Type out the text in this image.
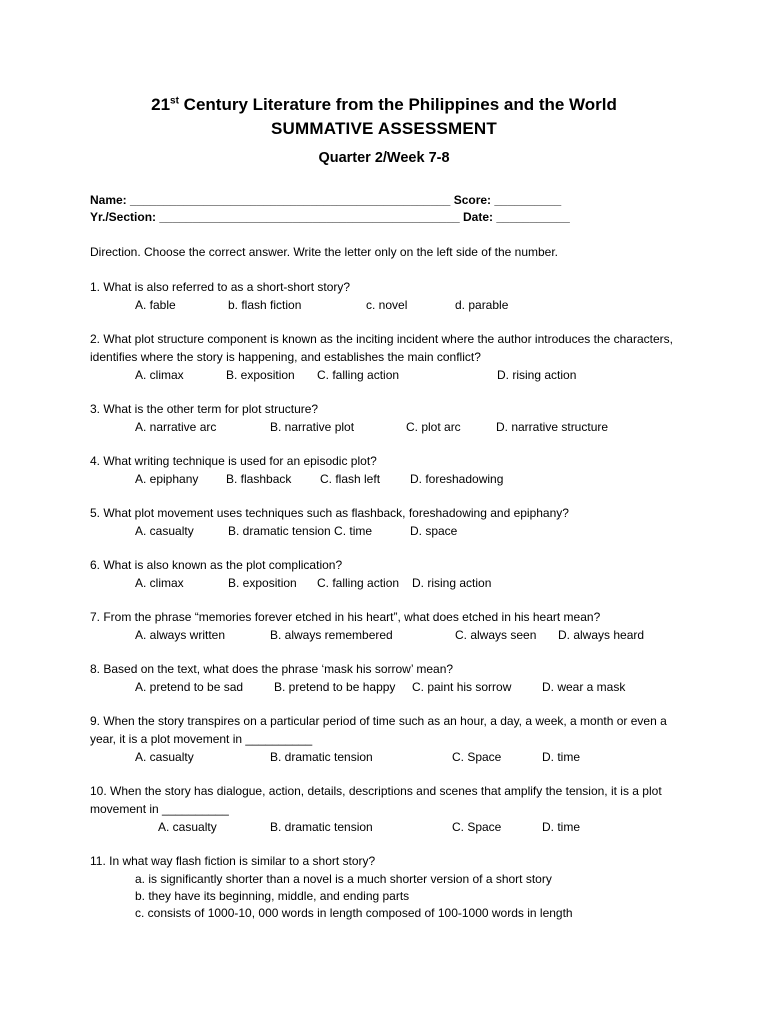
21st Century Literature from the Philippines and the World
SUMMATIVE ASSESSMENT
Quarter 2/Week 7-8
Name: ________________________________________________ Score: __________
Yr./Section: _____________________________________________ Date: ___________
Direction. Choose the correct answer. Write the letter only on the left side of the number.
1. What is also referred to as a short-short story?
A. fable	b. flash fiction	c. novel	d. parable
2. What plot structure component is known as the inciting incident where the author introduces the characters, identifies where the story is happening, and establishes the main conflict?
A. climax	B. exposition C. falling action	D. rising action
3. What is the other term for plot structure?
A. narrative arc	B. narrative plot	C. plot arc	D. narrative structure
4. What writing technique is used for an episodic plot?
A. epiphany B. flashback C. flash left D. foreshadowing
5. What plot movement uses techniques such as flashback, foreshadowing and epiphany?
A. casualty	B. dramatic tension C. time	D. space
6. What is also known as the plot complication?
A. climax	B. exposition C. falling action D. rising action
7. From the phrase “memories forever etched in his heart”, what does etched in his heart mean?
A. always written	B. always remembered	C. always seen D. always heard
8. Based on the text, what does the phrase ‘mask his sorrow’ mean?
A. pretend to be sad	B. pretend to be happy C. paint his sorrow	D. wear a mask
9. When the story transpires on a particular period of time such as an hour, a day, a week, a month or even a year, it is a plot movement in __________
A. casualty	B. dramatic tension	C. Space	D. time
10. When the story has dialogue, action, details, descriptions and scenes that amplify the tension, it is a plot movement in __________
A. casualty	B. dramatic tension	C. Space	D. time
11. In what way flash fiction is similar to a short story?
a. is significantly shorter than a novel is a much shorter version of a short story
b. they have its beginning, middle, and ending parts
c. consists of 1000-10, 000 words in length composed of 100-1000 words in length
